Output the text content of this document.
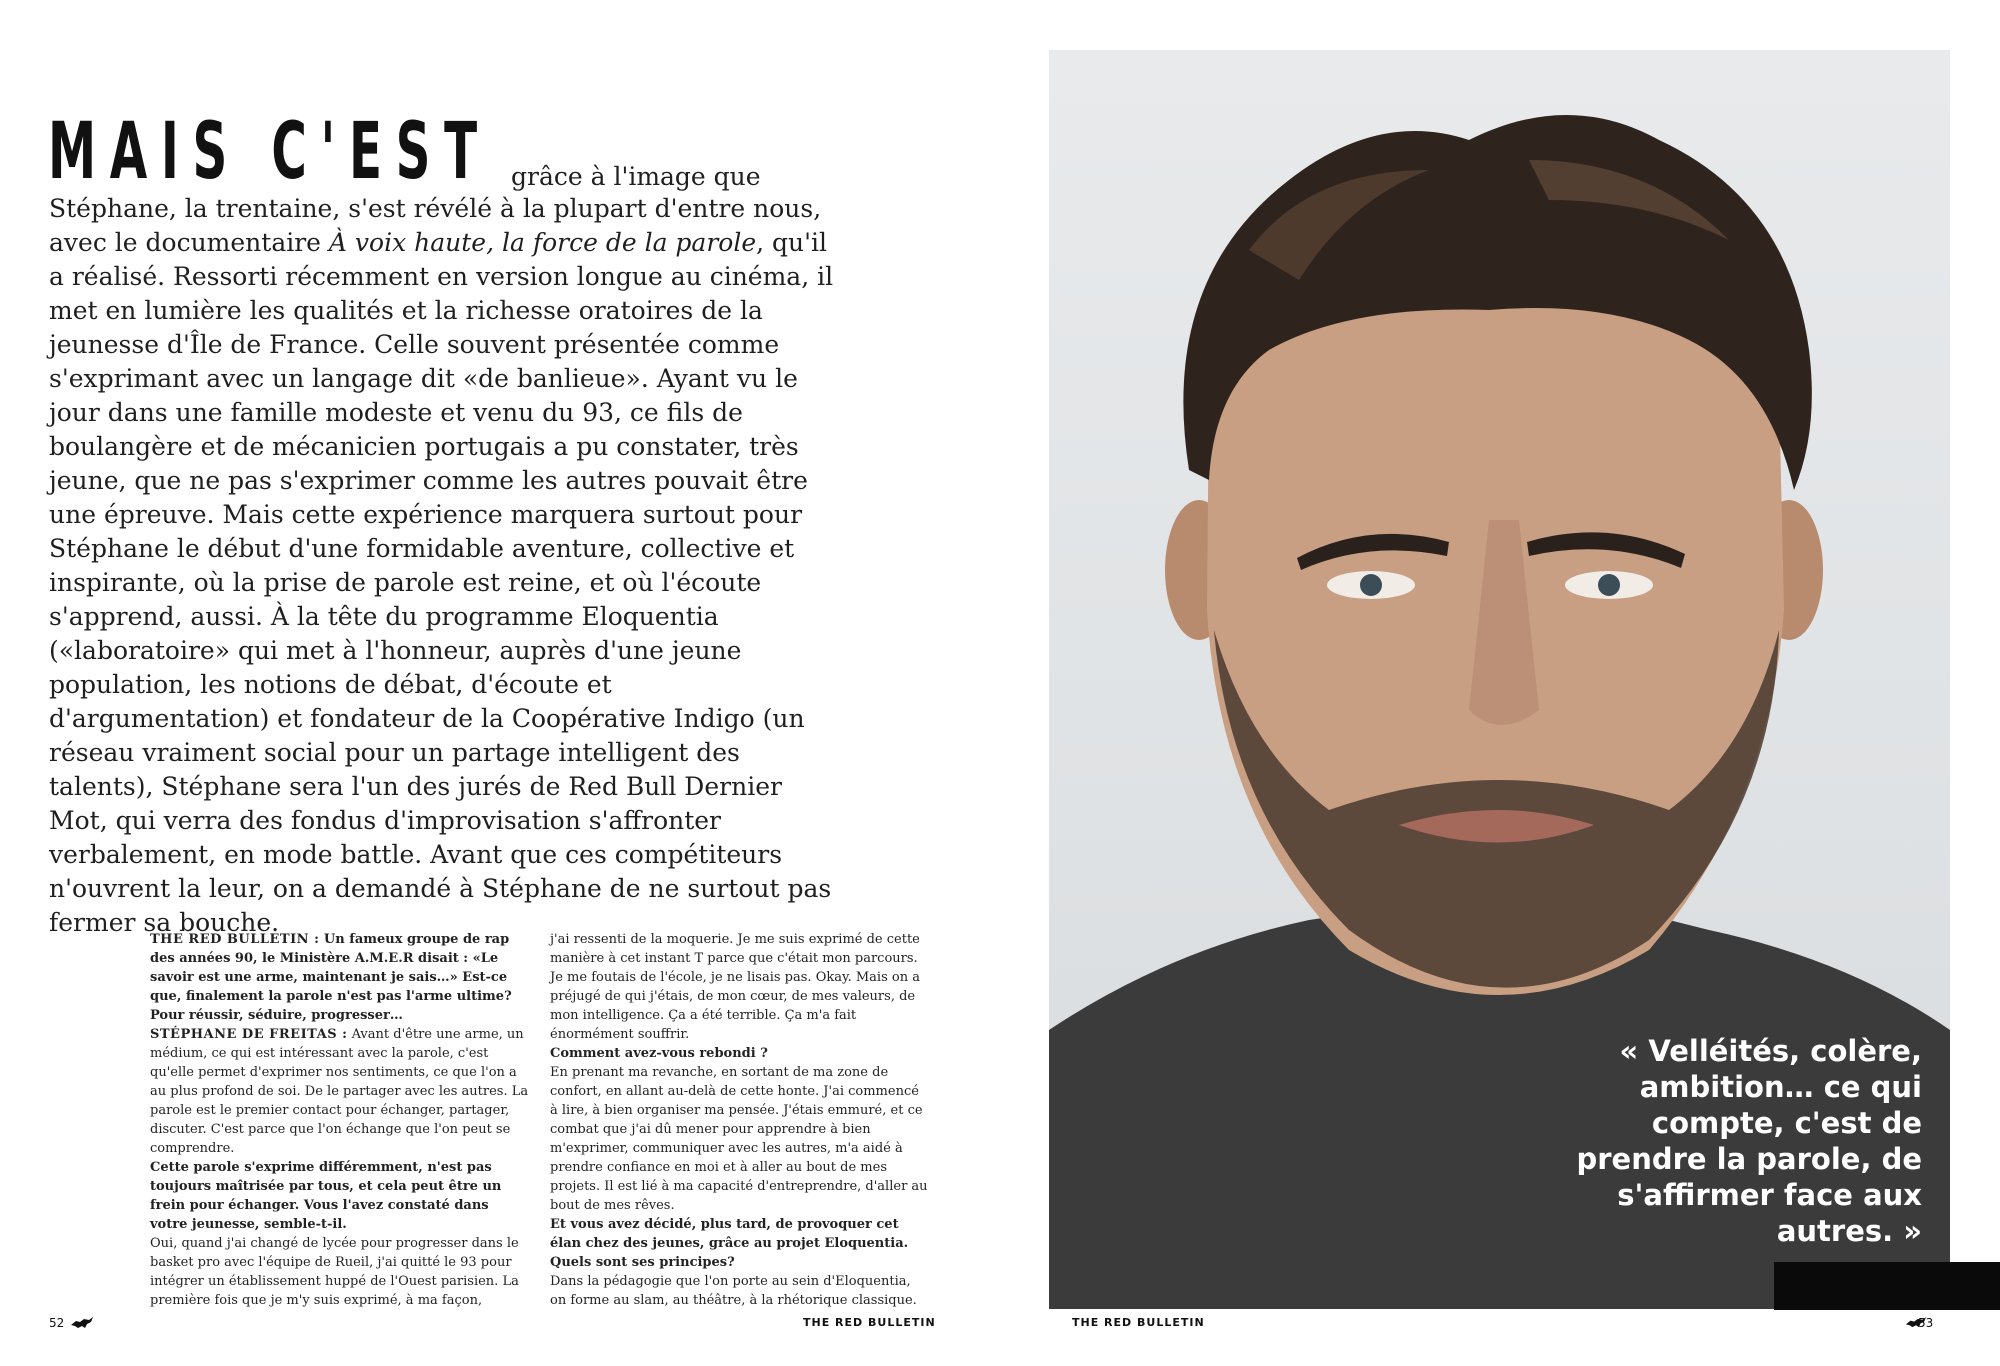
MAIS C'EST grâce à l'image que

Stéphane, la trentaine, s'est révélé à la plupart d'entre nous, avec le documentaire À voix haute, la force de la parole, qu'il a réalisé. Ressorti récemment en version longue au cinéma, il met en lumière les qualités et la richesse oratoires de la jeunesse d'Île de France. Celle souvent présentée comme s'exprimant avec un langage dit «de banlieue». Ayant vu le jour dans une famille modeste et venu du 93, ce fils de boulangère et de mécanicien portugais a pu constater, très jeune, que ne pas s'exprimer comme les autres pouvait être une épreuve. Mais cette expérience marquera surtout pour Stéphane le début d'une formidable aventure, collective et inspirante, où la prise de parole est reine, et où l'écoute s'apprend, aussi. À la tête du programme Eloquentia («laboratoire» qui met à l'honneur, auprès d'une jeune population, les notions de débat, d'écoute et d'argumentation) et fondateur de la Coopérative Indigo (un réseau vraiment social pour un partage intelligent des talents), Stéphane sera l'un des jurés de Red Bull Dernier Mot, qui verra des fondus d'improvisation s'affronter verbalement, en mode battle. Avant que ces compétiteurs n'ouvrent la leur, on a demandé à Stéphane de ne surtout pas fermer sa bouche.

THE RED BULLETIN : Un fameux groupe de rap des années 90, le Ministère A.M.E.R disait : «Le savoir est une arme, maintenant je sais…» Est-ce que, finalement la parole n'est pas l'arme ultime? Pour réussir, séduire, progresser…

STÉPHANE DE FREITAS : Avant d'être une arme, un médium, ce qui est intéressant avec la parole, c'est qu'elle permet d'exprimer nos sentiments, ce que l'on a au plus profond de soi. De le partager avec les autres. La parole est le premier contact pour échanger, partager, discuter. C'est parce que l'on échange que l'on peut se comprendre.

Cette parole s'exprime différemment, n'est pas toujours maîtrisée par tous, et cela peut être un frein pour échanger. Vous l'avez constaté dans votre jeunesse, semble-t-il.

Oui, quand j'ai changé de lycée pour progresser dans le basket pro avec l'équipe de Rueil, j'ai quitté le 93 pour intégrer un établissement huppé de l'Ouest parisien. La première fois que je m'y suis exprimé, à ma façon,

j'ai ressenti de la moquerie. Je me suis exprimé de cette manière à cet instant T parce que c'était mon parcours. Je me foutais de l'école, je ne lisais pas. Okay. Mais on a préjugé de qui j'étais, de mon cœur, de mes valeurs, de mon intelligence. Ça a été terrible. Ça m'a fait énormément souffrir.

Comment avez-vous rebondi ?

En prenant ma revanche, en sortant de ma zone de confort, en allant au-delà de cette honte. J'ai commencé à lire, à bien organiser ma pensée. J'étais emmuré, et ce combat que j'ai dû mener pour apprendre à bien m'exprimer, communiquer avec les autres, m'a aidé à prendre confiance en moi et à aller au bout de mes projets. Il est lié à ma capacité d'entreprendre, d'aller au bout de mes rêves.

Et vous avez décidé, plus tard, de provoquer cet élan chez des jeunes, grâce au projet Eloquentia. Quels sont ses principes?

Dans la pédagogie que l'on porte au sein d'Eloquentia, on forme au slam, au théâtre, à la rhétorique classique.

52	THE RED BULLETIN
« Velléités, colère, ambition… ce qui compte, c'est de prendre la parole, de s'affirmer face aux autres. »
THE RED BULLETIN	53
